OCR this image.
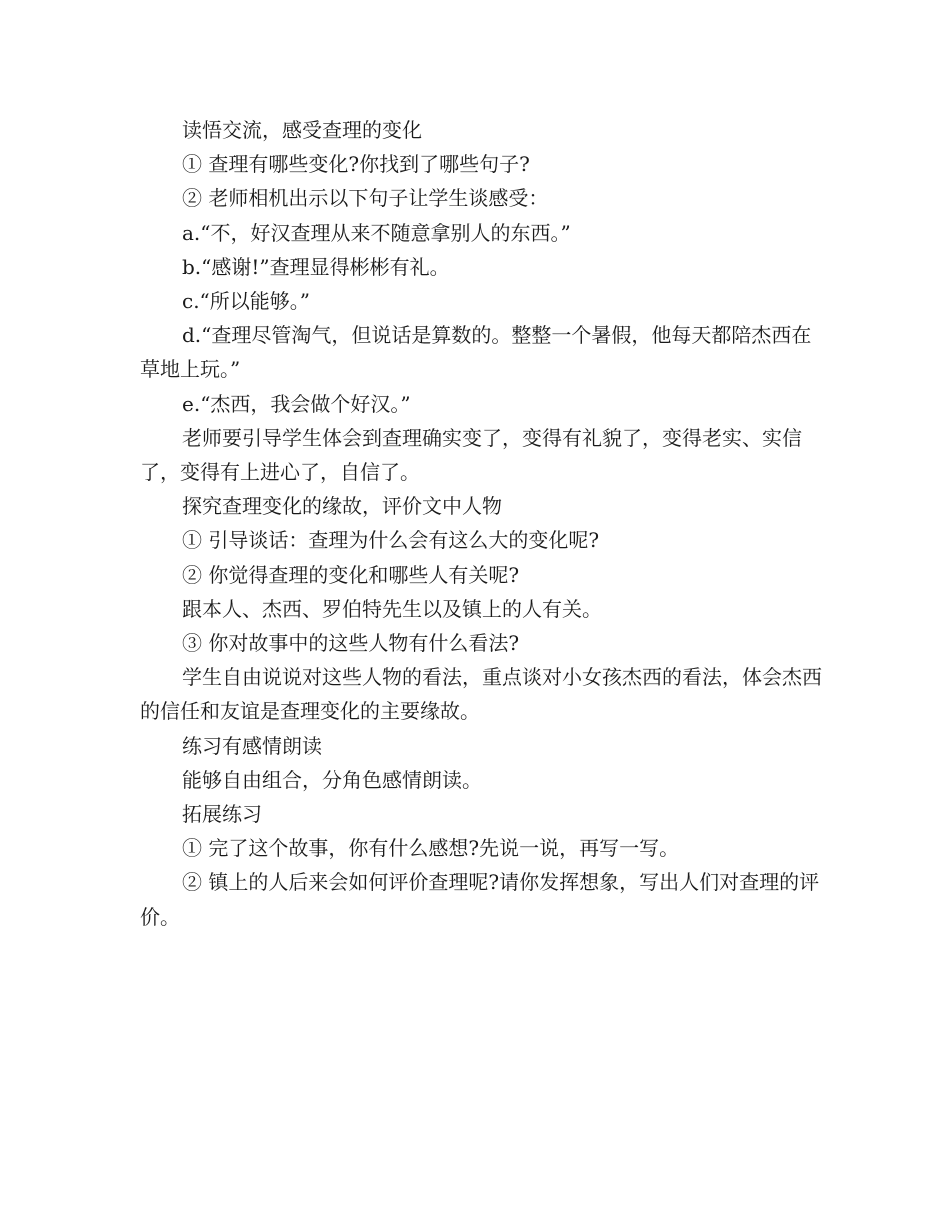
读悟交流，感受查理的变化

① 查理有哪些变化?你找到了哪些句子?

② 老师相机出示以下句子让学生谈感受：

a.“不，好汉查理从来不随意拿别人的东西。”

b.“感谢!”查理显得彬彬有礼。

c.“所以能够。”

d.“查理尽管淘气，但说话是算数的。整整一个暑假，他每天都陪杰西在草地上玩。”

e.“杰西，我会做个好汉。”

老师要引导学生体会到查理确实变了，变得有礼貌了，变得老实、实信了，变得有上进心了，自信了。

探究查理变化的缘故，评价文中人物

① 引导谈话：查理为什么会有这么大的变化呢?

② 你觉得查理的变化和哪些人有关呢?

跟本人、杰西、罗伯特先生以及镇上的人有关。

③ 你对故事中的这些人物有什么看法?

学生自由说说对这些人物的看法，重点谈对小女孩杰西的看法，体会杰西的信任和友谊是查理变化的主要缘故。

练习有感情朗读

能够自由组合，分角色感情朗读。

拓展练习

① 完了这个故事，你有什么感想?先说一说，再写一写。

② 镇上的人后来会如何评价查理呢?请你发挥想象，写出人们对查理的评价。
